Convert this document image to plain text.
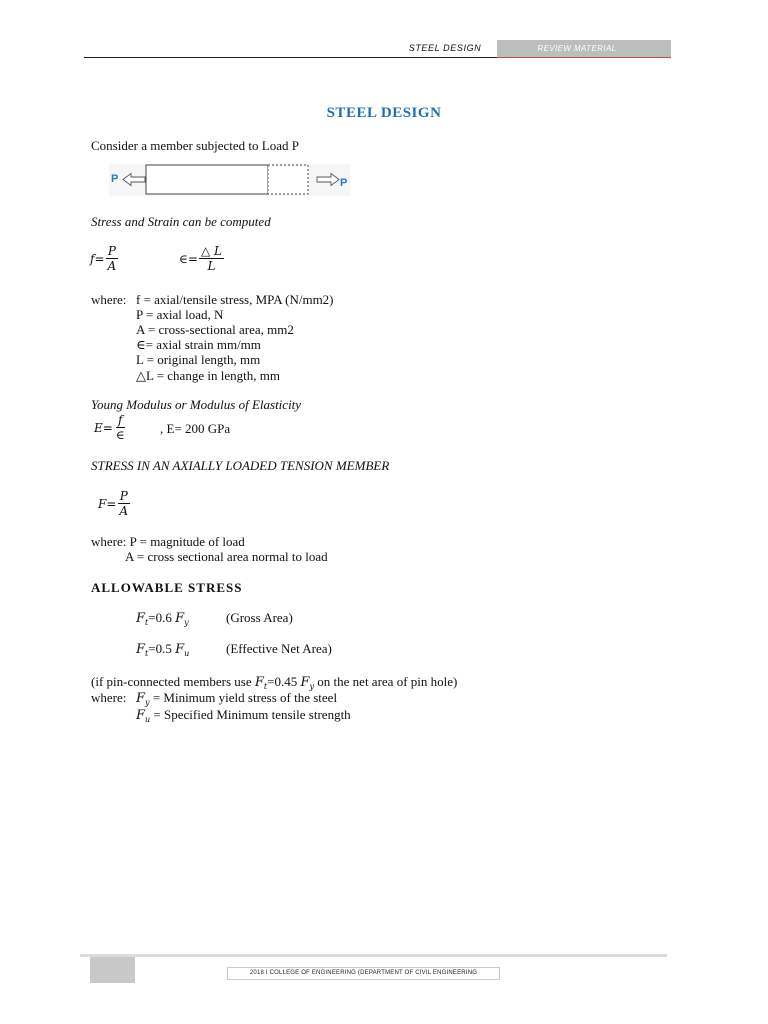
STEEL DESIGN	REVIEW MATERIAL
STEEL DESIGN
Consider a member subjected to Load P
P	P
Stress and Strain can be computed
$f= \frac{P}{A}$	∈= $\frac{\triangle L}{L}$
where: f = axial/tensile stress, MPA (N/mm2)
P = axial load, N
A = cross-sectional area, mm2
∈= axial strain mm/mm
L = original length, mm
△L = change in length, mm
Young Modulus or Modulus of Elasticity
$E= \frac{f}{\in}$	, E= 200 GPa
STRESS IN AN AXIALLY LOADED TENSION MEMBER
$F= \frac{P}{A}$
where: P = magnitude of load
A = cross sectional area normal to load
ALLOWABLE STRESS
$F_t=0.6$ $F_y$	(Gross Area)
$F_t=0.5$ $F_u$	(Effective Net Area)
(if pin-connected members use $F_t=0.45$ $F_y$ on the net area of pin hole)
where: $F_y$ = Minimum yield stress of the steel
$F_u$ = Specified Minimum tensile strength
2018 I COLLEGE OF ENGINEERING (DEPARTMENT OF CIVIL ENGINEERING
